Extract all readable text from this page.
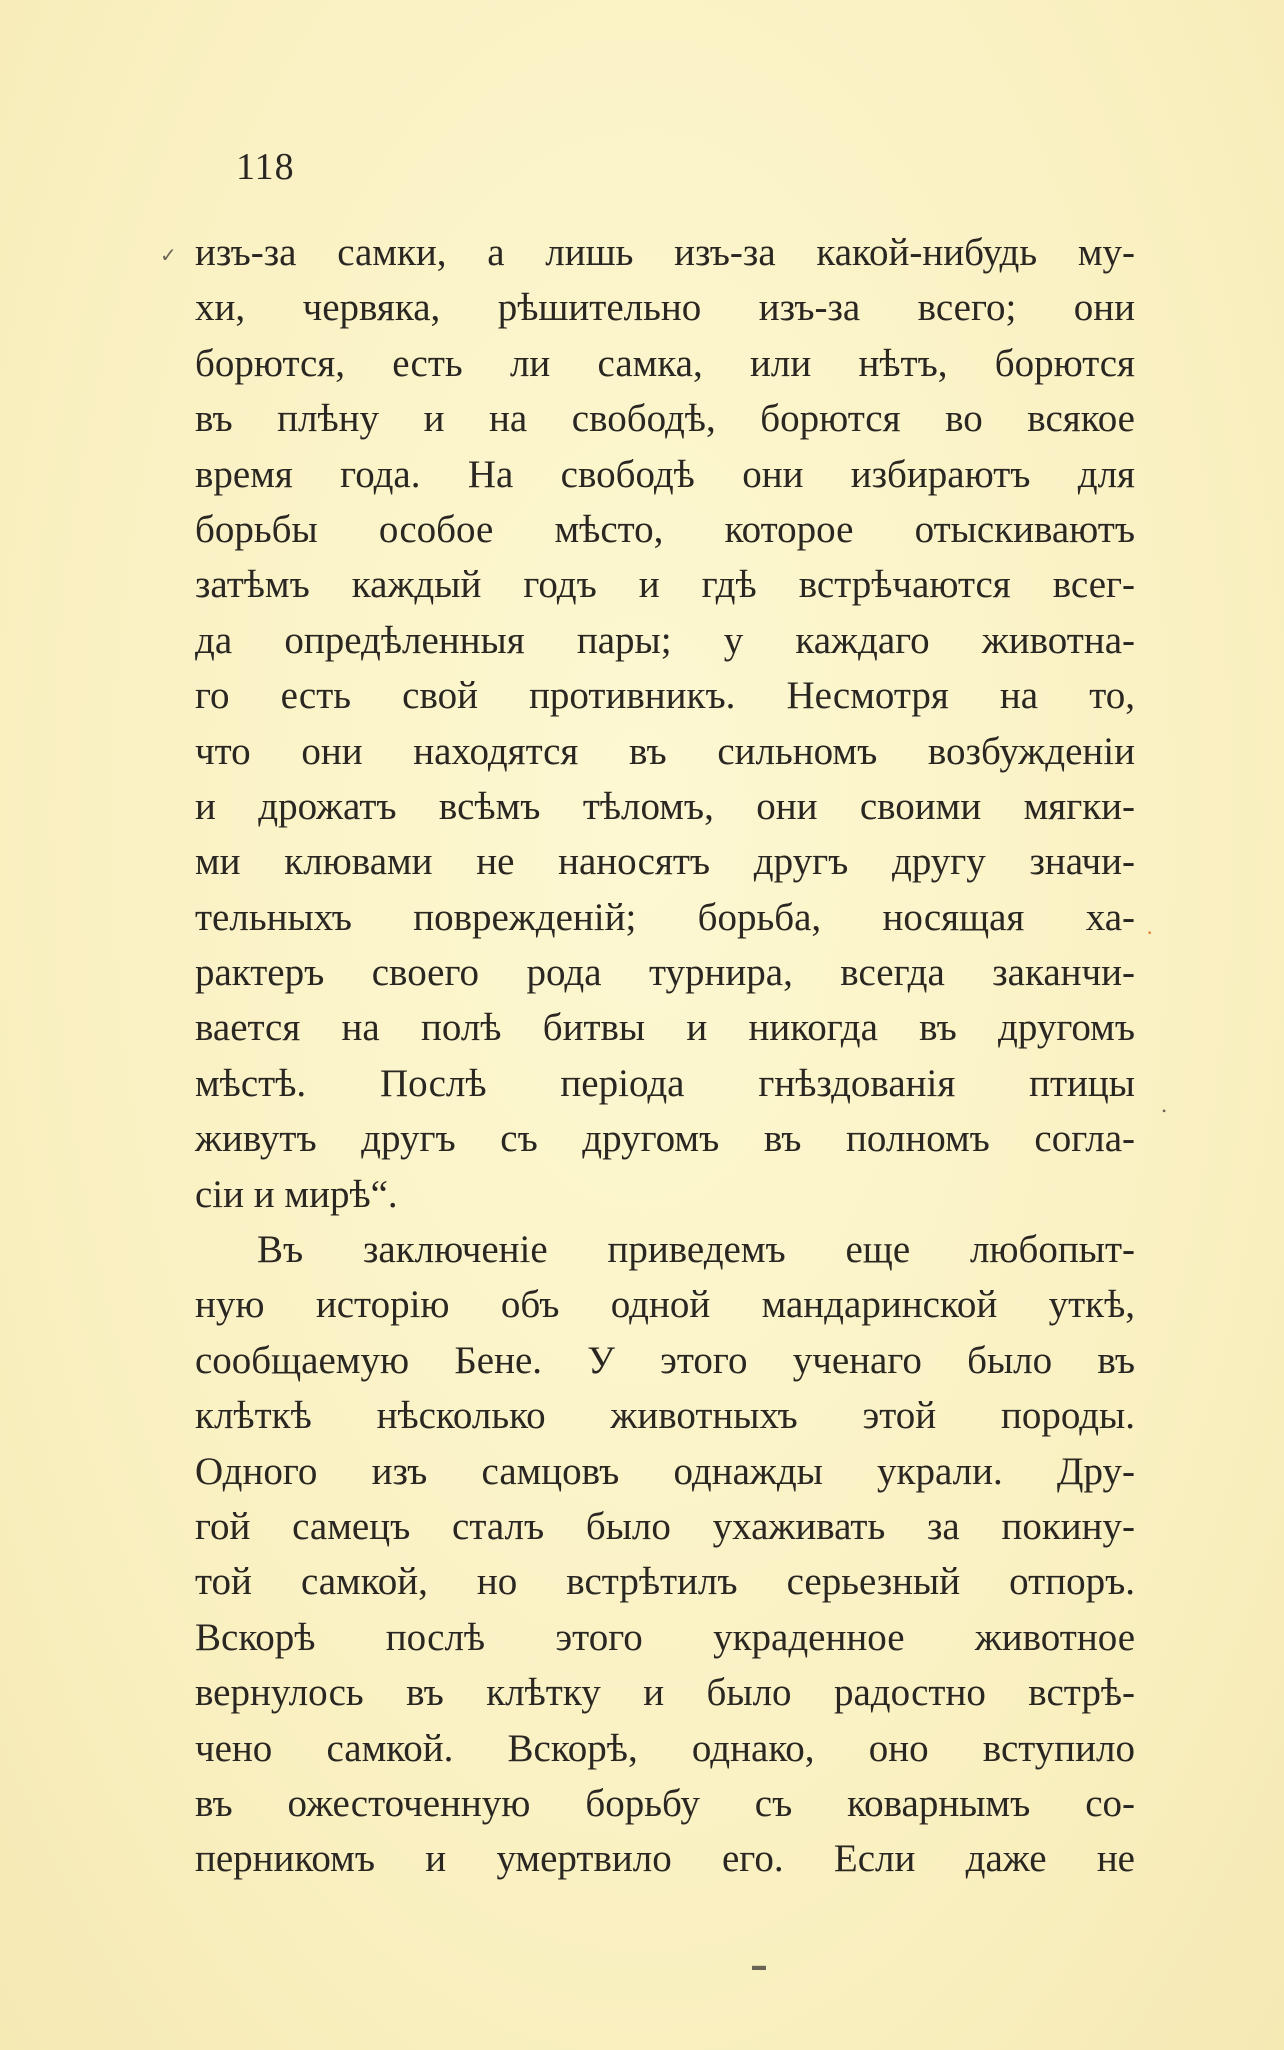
118
✓
·
•
▬
изъ-за самки, а лишь изъ-за какой-нибудь му-
хи, червяка, рѣшительно изъ-за всего; они
борются, есть ли самка, или нѣтъ, борются
въ плѣну и на свободѣ, борются во всякое
время года. На свободѣ они избираютъ для
борьбы особое мѣсто, которое отыскиваютъ
затѣмъ каждый годъ и гдѣ встрѣчаются всег-
да опредѣленныя пары; у каждаго животна-
го есть свой противникъ. Несмотря на то,
что они находятся въ сильномъ возбужденіи
и дрожатъ всѣмъ тѣломъ, они своими мягки-
ми клювами не наносятъ другъ другу значи-
тельныхъ поврежденій; борьба, носящая ха-
рактеръ своего рода турнира, всегда заканчи-
вается на полѣ битвы и никогда въ другомъ
мѣстѣ. Послѣ періода гнѣздованія птицы
живутъ другъ съ другомъ въ полномъ согла-
сіи и мирѣ“.
Въ заключеніе приведемъ еще любопыт-
ную исторію объ одной мандаринской уткѣ,
сообщаемую Бене. У этого ученаго было въ
клѣткѣ нѣсколько животныхъ этой породы.
Одного изъ самцовъ однажды украли. Дру-
гой самецъ сталъ было ухаживать за покину-
той самкой, но встрѣтилъ серьезный отпоръ.
Вскорѣ послѣ этого украденное животное
вернулось въ клѣтку и было радостно встрѣ-
чено самкой. Вскорѣ, однако, оно вступило
въ ожесточенную борьбу съ коварнымъ со-
перникомъ и умертвило его. Если даже не
